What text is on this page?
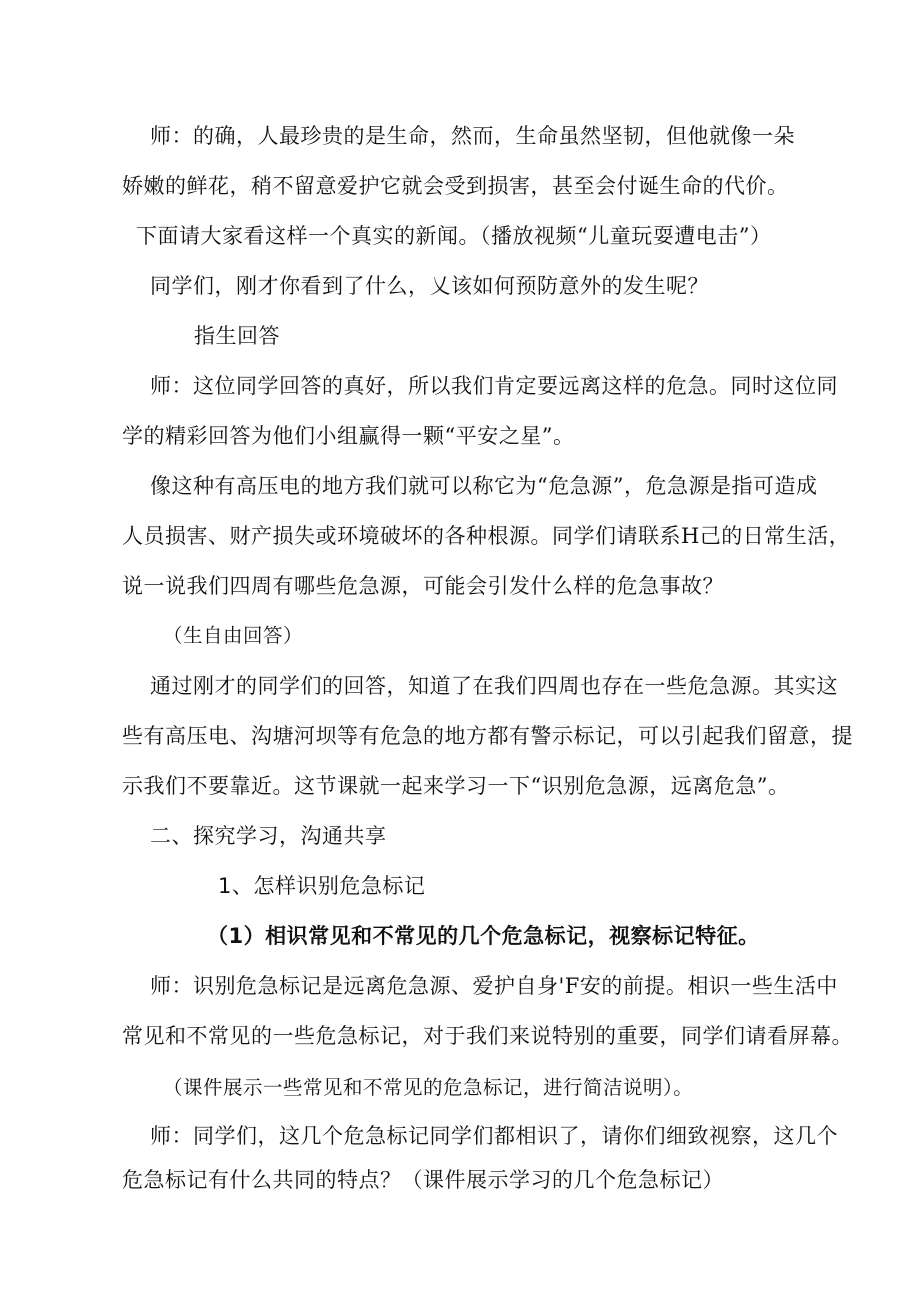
师：的确，人最珍贵的是生命，然而，生命虽然坚韧，但他就像一朵
娇嫩的鲜花，稍不留意爱护它就会受到损害，甚至会付诞生命的代价。
下面请大家看这样一个真实的新闻。（播放视频“儿童玩耍遭电击”）
同学们，刚才你看到了什么，乂该如何预防意外的发生呢？
指生回答
师：这位同学回答的真好，所以我们肯定要远离这样的危急。同时这位同
学的精彩回答为他们小组赢得一颗“平安之星”。
像这种有高压电的地方我们就可以称它为“危急源”，危急源是指可造成
人员损害、财产损失或环境破坏的各种根源。同学们请联系H己的日常生活，
说一说我们四周有哪些危急源，可能会引发什么样的危急事故？
（生自由回答）
通过刚才的同学们的回答，知道了在我们四周也存在一些危急源。其实这
些有高压电、沟塘河坝等有危急的地方都有警示标记，可以引起我们留意，提
示我们不要靠近。这节课就一起来学习一下“识别危急源，远离危急”。
二、探究学习，沟通共享
1、怎样识别危急标记
（1）相识常见和不常见的几个危急标记，视察标记特征。
师：识别危急标记是远离危急源、爱护自身'F安的前提。相识一些生活中
常见和不常见的一些危急标记，对于我们来说特别的重要，同学们请看屏幕。
（课件展示一些常见和不常见的危急标记，进行简洁说明）。
师：同学们，这几个危急标记同学们都相识了，请你们细致视察，这几个
危急标记有什么共同的特点？（课件展示学习的几个危急标记）
